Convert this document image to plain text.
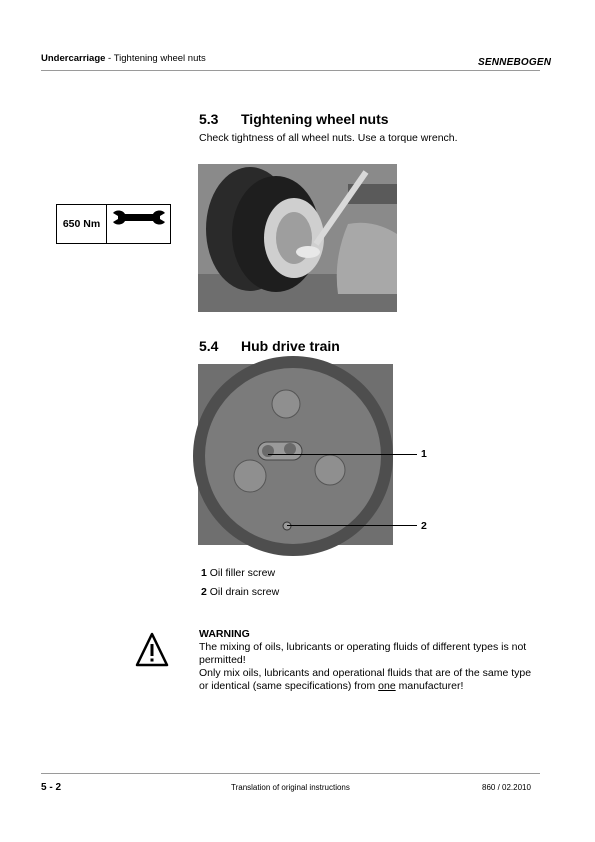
Undercarriage - Tightening wheel nuts	SENNEBOGEN
5.3 Tightening wheel nuts
Check tightness of all wheel nuts. Use a torque wrench.
650 Nm
5.4 Hub drive train
1
2
1 Oil filler screw
2 Oil drain screw
WARNING
The mixing of oils, lubricants or operating fluids of different types is not permitted!
Only mix oils, lubricants and operational fluids that are of the same type or identical (same specifications) from one manufacturer!
5 - 2	Translation of original instructions	860 / 02.2010
